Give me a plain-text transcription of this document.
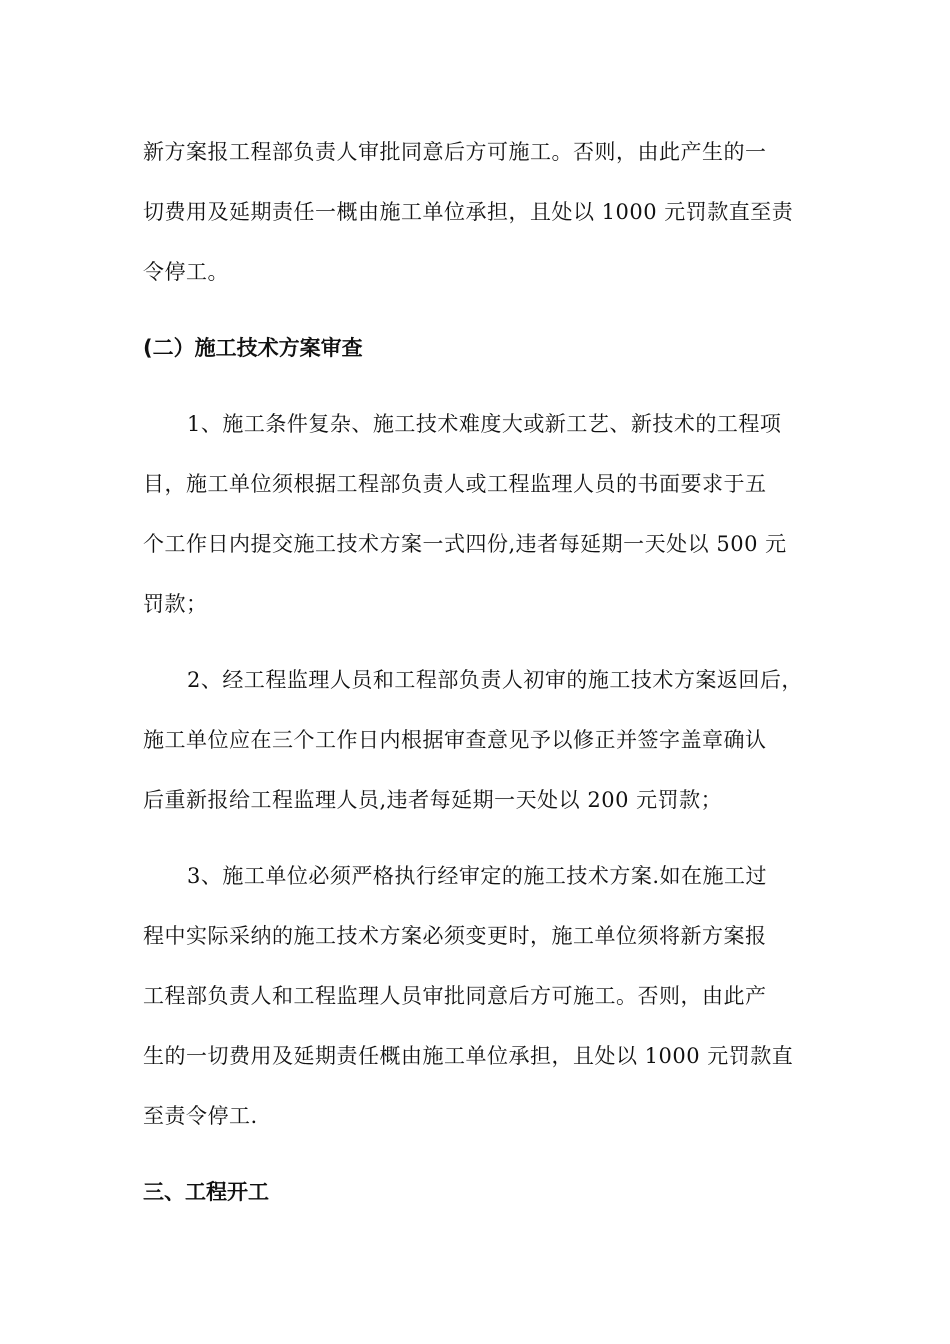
新方案报工程部负责人审批同意后方可施工。否则，由此产生的一
切费用及延期责任一概由施工单位承担，且处以 1000 元罚款直至责
令停工。
(二）施工技术方案审查
1、施工条件复杂、施工技术难度大或新工艺、新技术的工程项
目，施工单位须根据工程部负责人或工程监理人员的书面要求于五
个工作日内提交施工技术方案一式四份,违者每延期一天处以 500 元
罚款；
2、经工程监理人员和工程部负责人初审的施工技术方案返回后，
施工单位应在三个工作日内根据审查意见予以修正并签字盖章确认
后重新报给工程监理人员,违者每延期一天处以 200 元罚款；
3、施工单位必须严格执行经审定的施工技术方案.如在施工过
程中实际采纳的施工技术方案必须变更时，施工单位须将新方案报
工程部负责人和工程监理人员审批同意后方可施工。否则，由此产
生的一切费用及延期责任概由施工单位承担，且处以 1000 元罚款直
至责令停工.
三、工程开工
